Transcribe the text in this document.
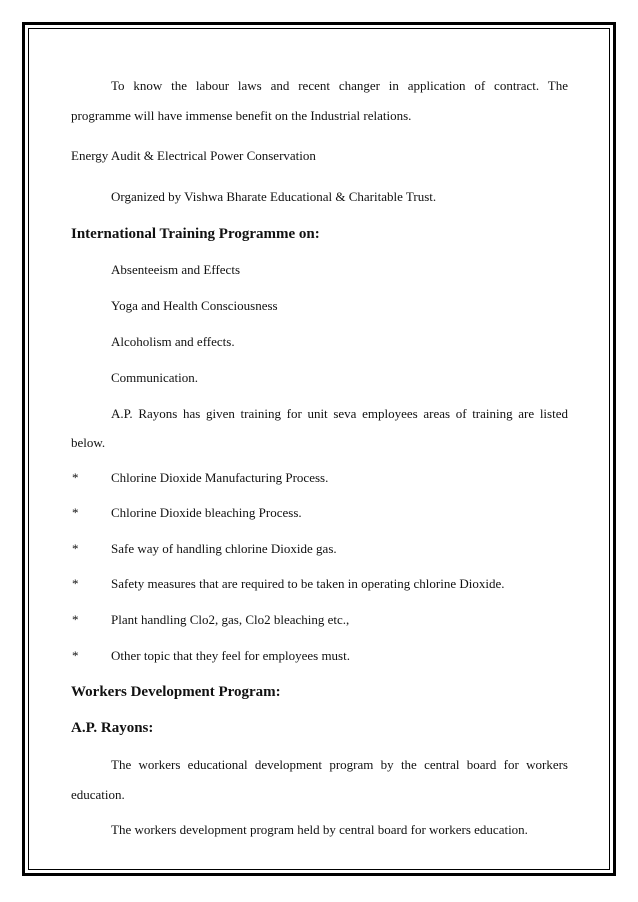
To know the labour laws and recent changer in application of contract. The
programme will have immense benefit on the Industrial relations.
Energy Audit & Electrical Power Conservation
Organized by Vishwa Bharate Educational & Charitable Trust.
International Training Programme on:
Absenteeism and Effects
Yoga and Health Consciousness
Alcoholism and effects.
Communication.
A.P. Rayons has given training for unit seva employees areas of training are listed
below.
*	Chlorine Dioxide Manufacturing Process.
*	Chlorine Dioxide bleaching Process.
*	Safe way of handling chlorine Dioxide gas.
*	Safety measures that are required to be taken in operating chlorine Dioxide.
*	Plant handling Clo2, gas, Clo2 bleaching etc.,
*	Other topic that they feel for employees must.
Workers Development Program:
A.P. Rayons:
The workers educational development program by the central board for workers
education.
The workers development program held by central board for workers education.
